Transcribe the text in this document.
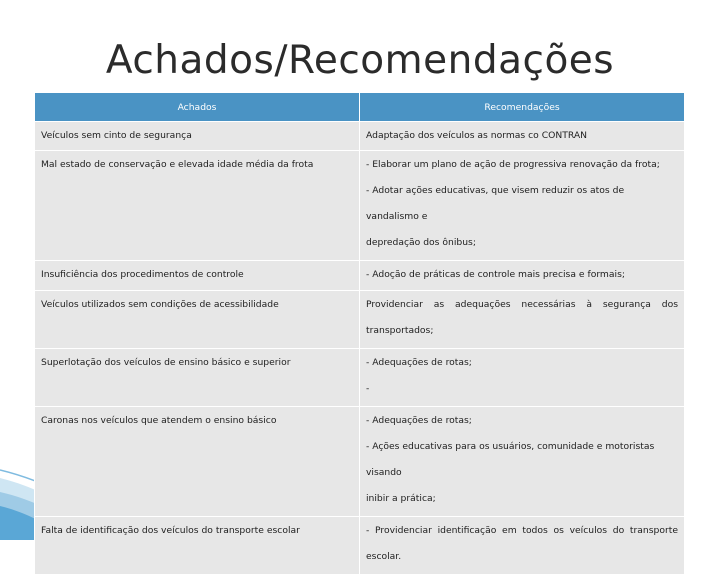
Achados/Recomendações
Achados	Recomendações
Veículos sem cinto de segurança	Adaptação dos veículos as normas co CONTRAN

Mal estado de conservação e elevada idade média da frota	- Elaborar um plano de ação de progressiva renovação da frota;
- Adotar ações educativas, que visem reduzir os atos de vandalismo e
depredação dos ônibus;

Insuficiência dos procedimentos de controle	- Adoção de práticas de controle mais precisa e formais;

Veículos utilizados sem condições de acessibilidade	Providenciar as adequações necessárias à segurança dos
transportados;

Superlotação dos veículos de ensino básico e superior	- Adequações de rotas;
-

Caronas nos veículos que atendem o ensino básico	- Adequações de rotas;
- Ações educativas para os usuários, comunidade e motoristas visando
inibir a prática;

Falta de identificação dos veículos do transporte escolar	- Providenciar identificação em todos os veículos do transporte
escolar.
